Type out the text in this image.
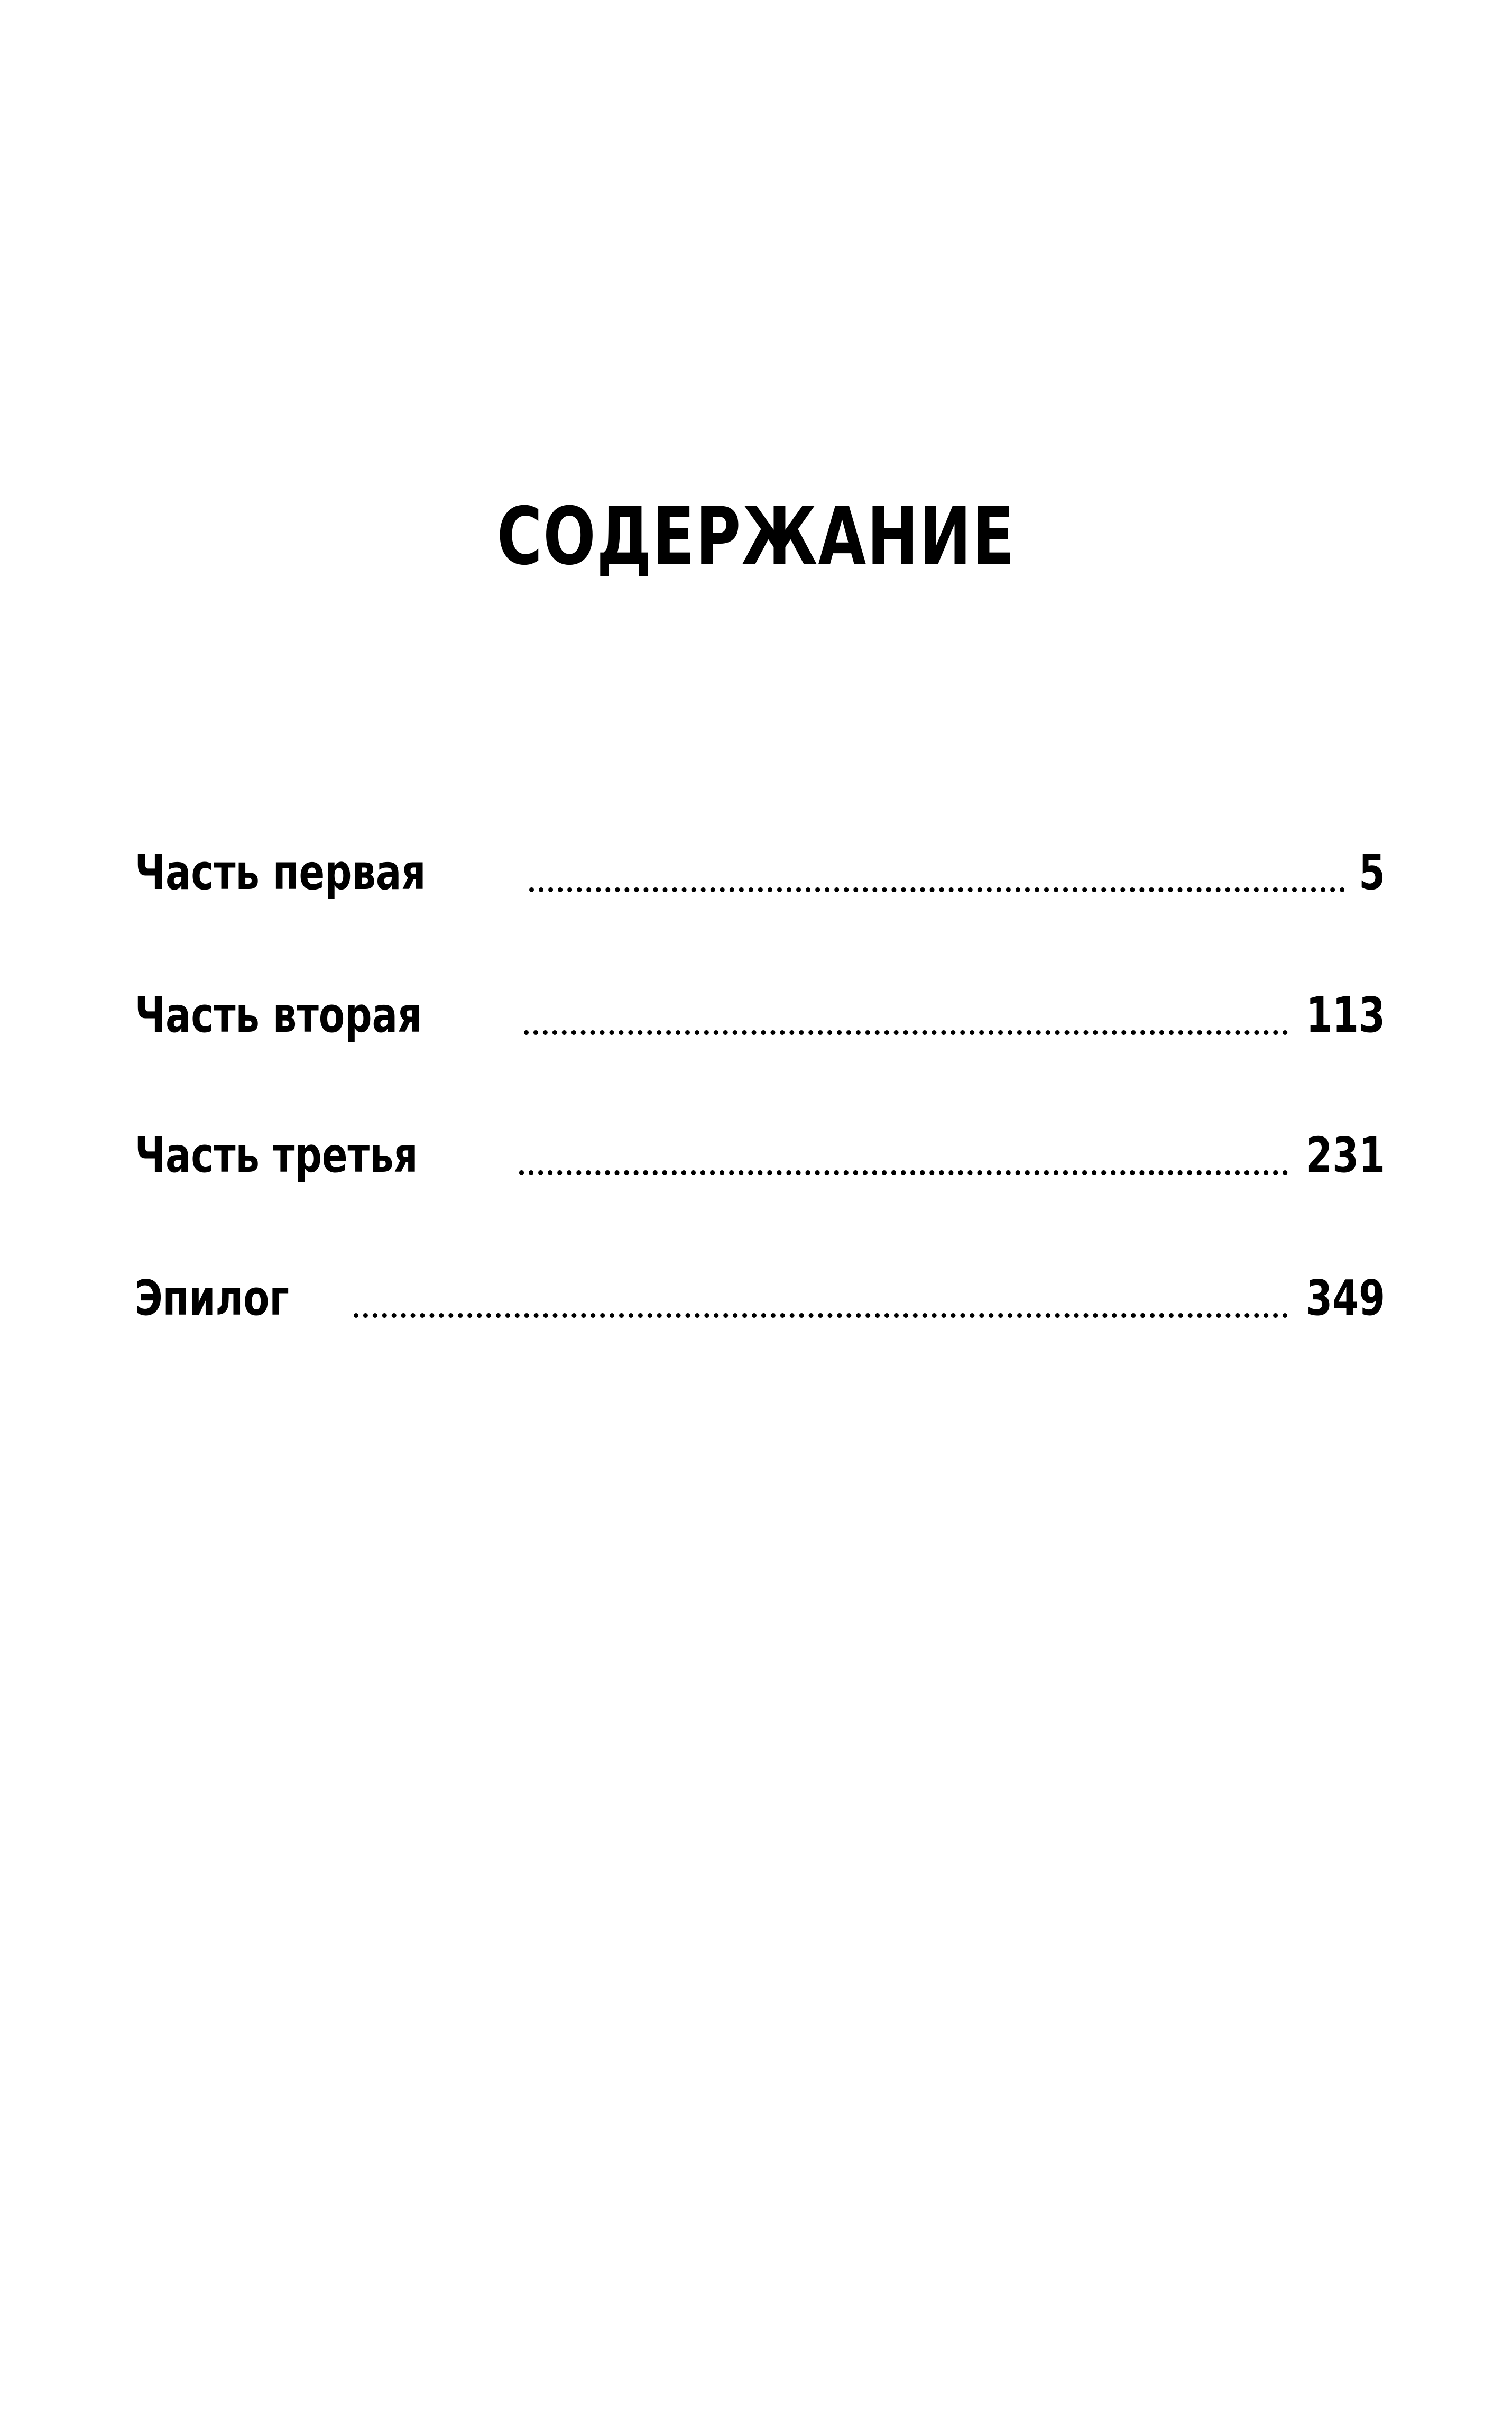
СОДЕРЖАНИЕ
Часть первая	5
Часть вторая	113
Часть третья	231
Эпилог	349
